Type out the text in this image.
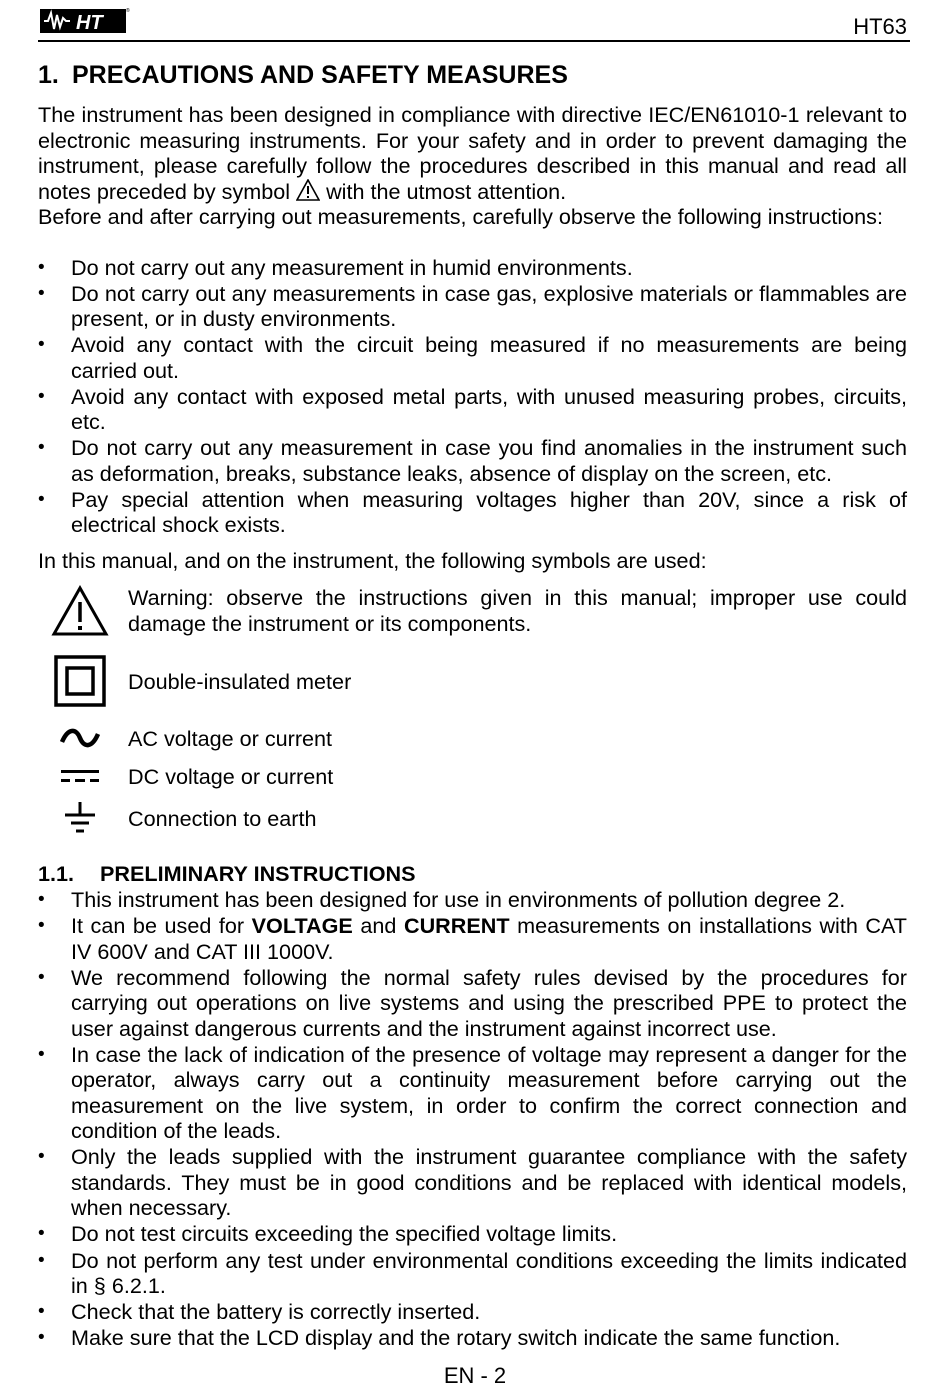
HT
®
HT63
1. PRECAUTIONS AND SAFETY MEASURES

The instrument has been designed in compliance with directive IEC/EN61010-1 relevant to electronic measuring instruments. For your safety and in order to prevent damaging the instrument, please carefully follow the procedures described in this manual and read all notes preceded by symbol with the utmost attention.

Before and after carrying out measurements, carefully observe the following instructions:

• Do not carry out any measurement in humid environments.
• Do not carry out any measurements in case gas, explosive materials or flammables are present, or in dusty environments.
• Avoid any contact with the circuit being measured if no measurements are being carried out.
• Avoid any contact with exposed metal parts, with unused measuring probes, circuits, etc.
• Do not carry out any measurement in case you find anomalies in the instrument such as deformation, breaks, substance leaks, absence of display on the screen, etc.
• Pay special attention when measuring voltages higher than 20V, since a risk of electrical shock exists.

In this manual, and on the instrument, the following symbols are used:

Warning: observe the instructions given in this manual; improper use could damage the instrument or its components.
Double-insulated meter
AC voltage or current
DC voltage or current
Connection to earth
1.1.	PRELIMINARY INSTRUCTIONS
• This instrument has been designed for use in environments of pollution degree 2.
• It can be used for VOLTAGE and CURRENT measurements on installations with CAT IV 600V and CAT III 1000V.
• We recommend following the normal safety rules devised by the procedures for carrying out operations on live systems and using the prescribed PPE to protect the user against dangerous currents and the instrument against incorrect use.
• In case the lack of indication of the presence of voltage may represent a danger for the operator, always carry out a continuity measurement before carrying out the measurement on the live system, in order to confirm the correct connection and condition of the leads.
• Only the leads supplied with the instrument guarantee compliance with the safety standards. They must be in good conditions and be replaced with identical models, when necessary.
• Do not test circuits exceeding the specified voltage limits.
• Do not perform any test under environmental conditions exceeding the limits indicated in § 6.2.1.
• Check that the battery is correctly inserted.
• Make sure that the LCD display and the rotary switch indicate the same function.
EN - 2
